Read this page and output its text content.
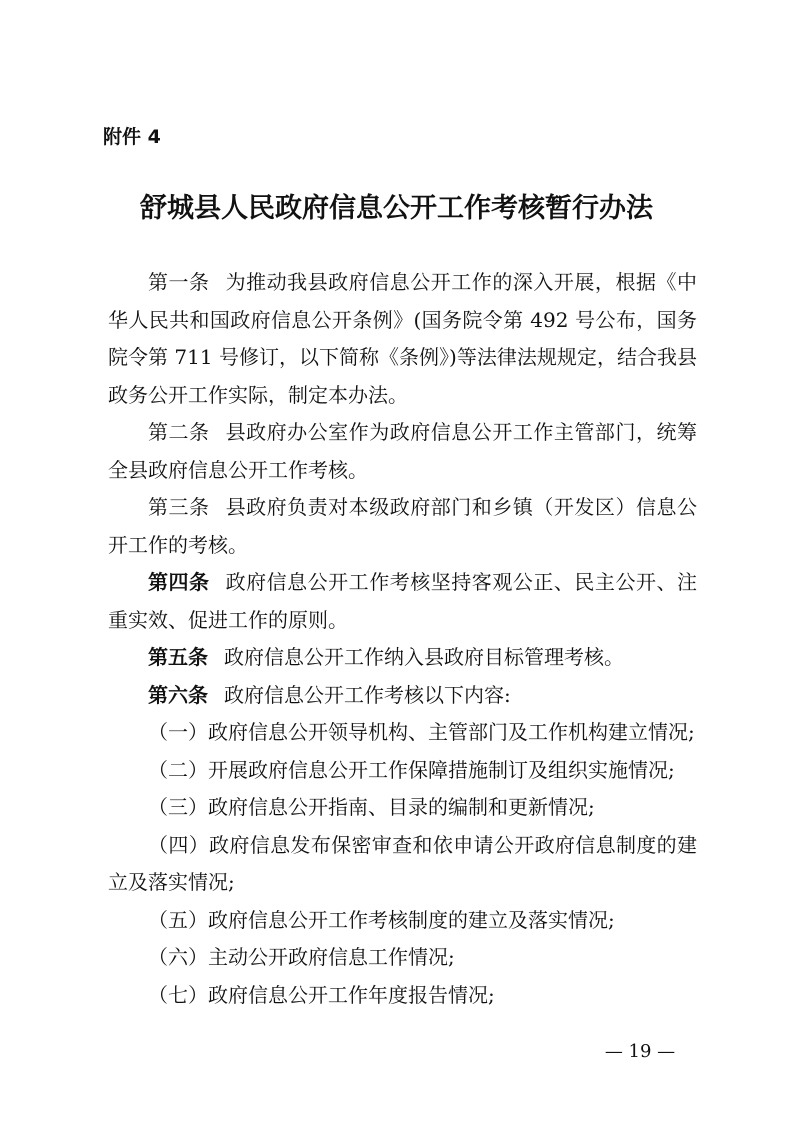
附件 4
舒城县人民政府信息公开工作考核暂行办法

第一条 为推动我县政府信息公开工作的深入开展，根据《中华人民共和国政府信息公开条例》(国务院令第 492 号公布，国务院令第 711 号修订，以下简称《条例》)等法律法规规定，结合我县政务公开工作实际，制定本办法。

第二条 县政府办公室作为政府信息公开工作主管部门，统筹全县政府信息公开工作考核。

第三条 县政府负责对本级政府部门和乡镇（开发区）信息公开工作的考核。

第四条 政府信息公开工作考核坚持客观公正、民主公开、注重实效、促进工作的原则。

第五条 政府信息公开工作纳入县政府目标管理考核。

第六条 政府信息公开工作考核以下内容:

（一）政府信息公开领导机构、主管部门及工作机构建立情况;

（二）开展政府信息公开工作保障措施制订及组织实施情况;

（三）政府信息公开指南、目录的编制和更新情况;

（四）政府信息发布保密审查和依申请公开政府信息制度的建立及落实情况;

（五）政府信息公开工作考核制度的建立及落实情况;

（六）主动公开政府信息工作情况;

（七）政府信息公开工作年度报告情况;

— 19 —
